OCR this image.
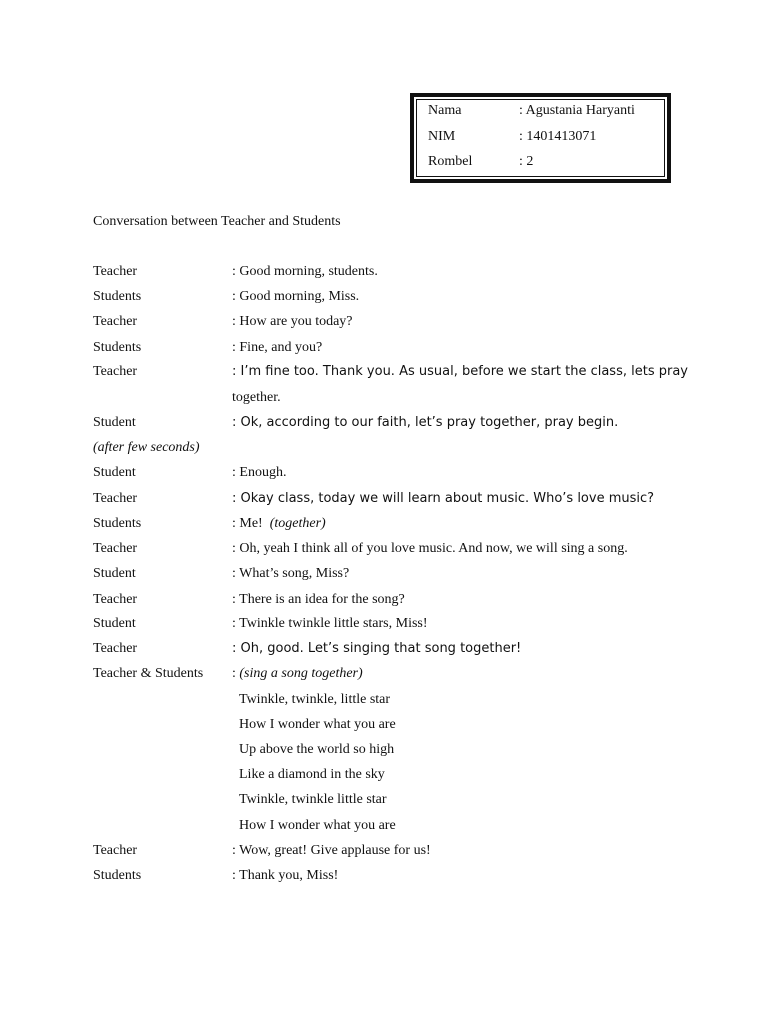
Nama	: Agustania Haryanti
NIM	: 1401413071
Rombel	: 2
Conversation between Teacher and Students
Teacher	: Good morning, students.
Students	: Good morning, Miss.
Teacher	: How are you today?
Students	: Fine, and you?
Teacher	: I’m fine too. Thank you. As usual, before we start the class, lets pray
together.
Student	: Ok, according to our faith, let’s pray together, pray begin.
(after few seconds)
Student	: Enough.
Teacher	: Okay class, today we will learn about music. Who’s love music?
Students	: Me! (together)
Teacher	: Oh, yeah I think all of you love music. And now, we will sing a song.
Student	: What’s song, Miss?
Teacher	: There is an idea for the song?
Student	: Twinkle twinkle little stars, Miss!
Teacher	: Oh, good. Let’s singing that song together!
Teacher & Students : (sing a song together)
Twinkle, twinkle, little star
How I wonder what you are
Up above the world so high
Like a diamond in the sky
Twinkle, twinkle little star
How I wonder what you are
Teacher	: Wow, great! Give applause for us!
Students	: Thank you, Miss!
